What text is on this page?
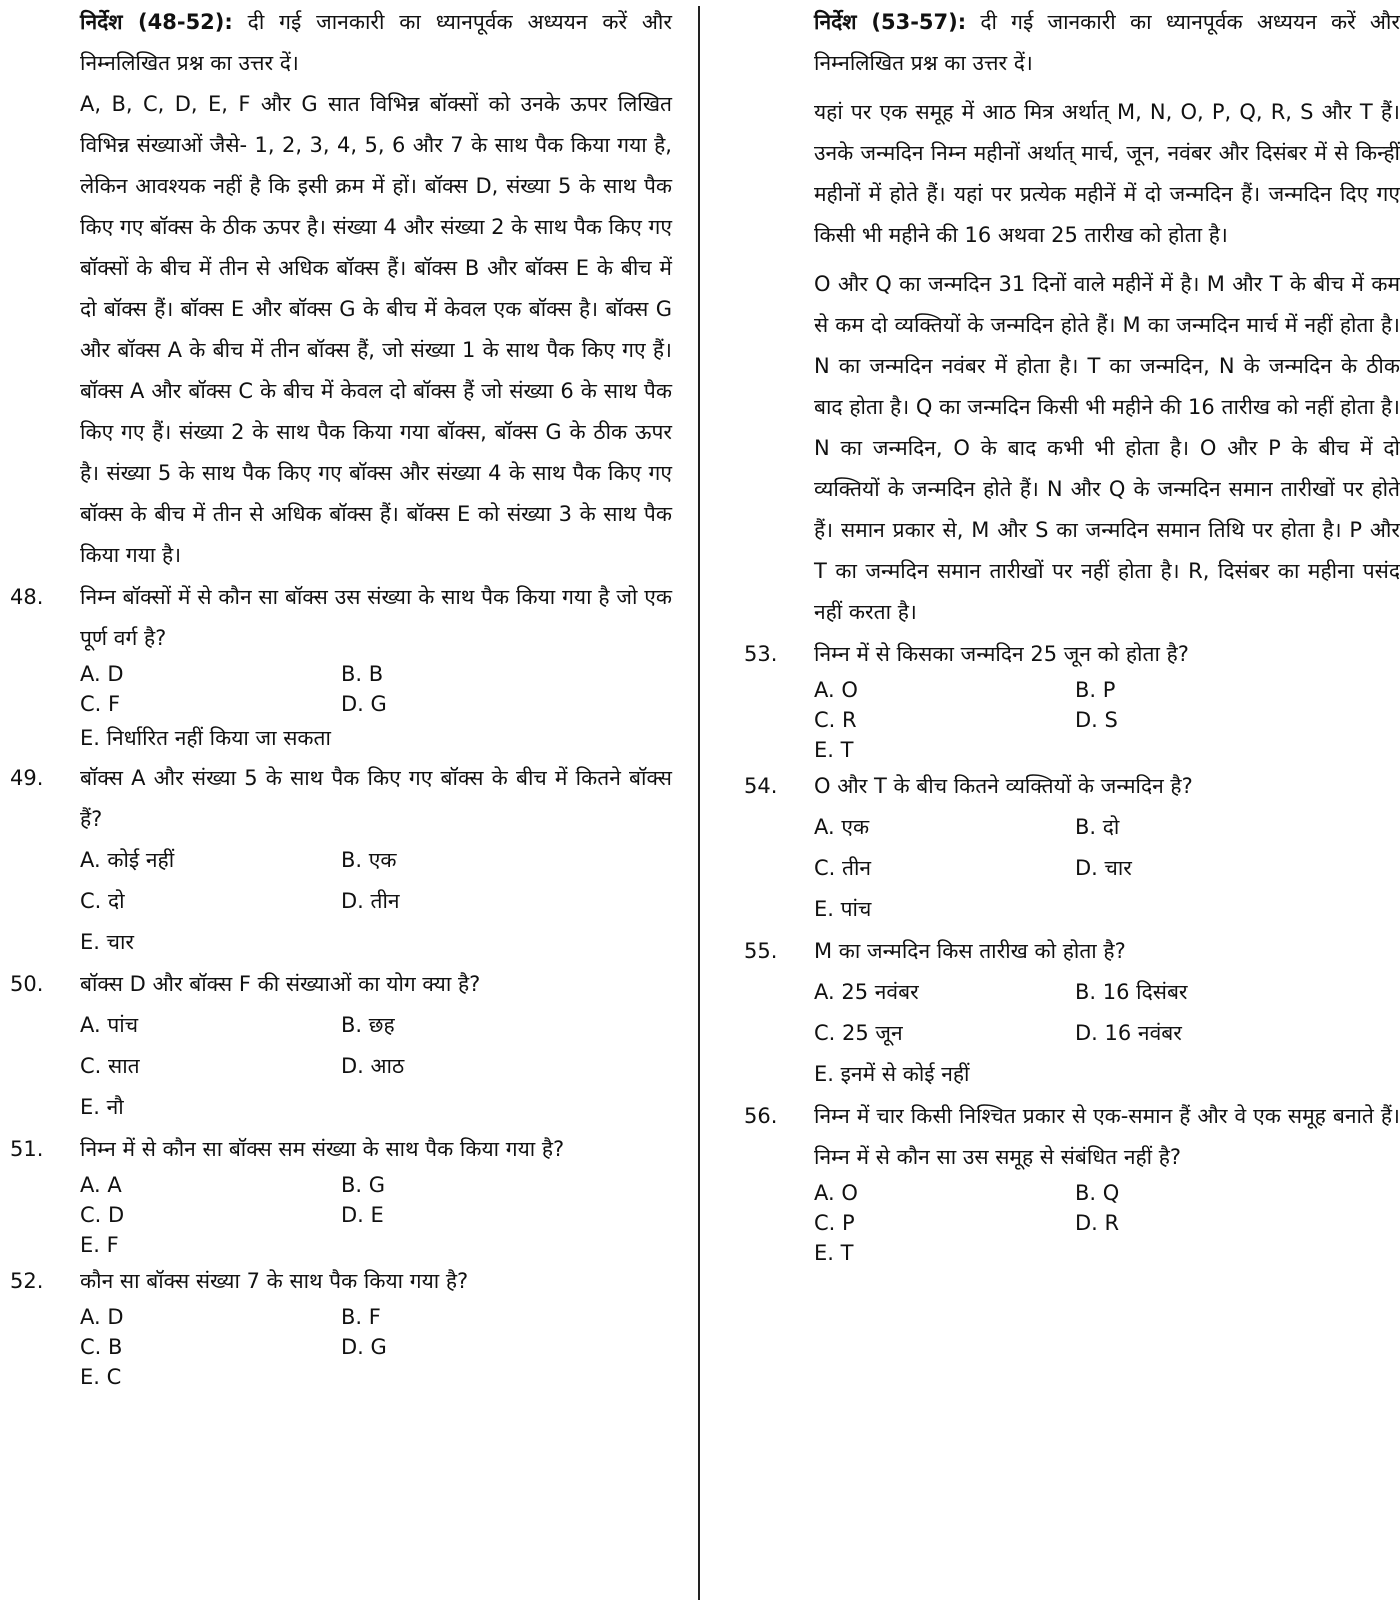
निर्देश (48-52): दी गई जानकारी का ध्यानपूर्वक अध्ययन करें और निम्नलिखित प्रश्न का उत्तर दें।

A, B, C, D, E, F और G सात विभिन्न बॉक्सों को उनके ऊपर लिखित विभिन्न संख्याओं जैसे- 1, 2, 3, 4, 5, 6 और 7 के साथ पैक किया गया है, लेकिन आवश्यक नहीं है कि इसी क्रम में हों। बॉक्स D, संख्या 5 के साथ पैक किए गए बॉक्स के ठीक ऊपर है। संख्या 4 और संख्या 2 के साथ पैक किए गए बॉक्सों के बीच में तीन से अधिक बॉक्स हैं। बॉक्स B और बॉक्स E के बीच में दो बॉक्स हैं। बॉक्स E और बॉक्स G के बीच में केवल एक बॉक्स है। बॉक्स G और बॉक्स A के बीच में तीन बॉक्स हैं, जो संख्या 1 के साथ पैक किए गए हैं। बॉक्स A और बॉक्स C के बीच में केवल दो बॉक्स हैं जो संख्या 6 के साथ पैक किए गए हैं। संख्या 2 के साथ पैक किया गया बॉक्स, बॉक्स G के ठीक ऊपर है। संख्या 5 के साथ पैक किए गए बॉक्स और संख्या 4 के साथ पैक किए गए बॉक्स के बीच में तीन से अधिक बॉक्स हैं। बॉक्स E को संख्या 3 के साथ पैक किया गया है।

48. निम्न बॉक्सों में से कौन सा बॉक्स उस संख्या के साथ पैक किया गया है जो एक पूर्ण वर्ग है?
A. D	B. B
C. F	D. G
E. निर्धारित नहीं किया जा सकता
49. बॉक्स A और संख्या 5 के साथ पैक किए गए बॉक्स के बीच में कितने बॉक्स हैं?
A. कोई नहीं	B. एक
C. दो	D. तीन
E. चार
50. बॉक्स D और बॉक्स F की संख्याओं का योग क्या है?
A. पांच	B. छह
C. सात	D. आठ
E. नौ
51. निम्न में से कौन सा बॉक्स सम संख्या के साथ पैक किया गया है?
A. A	B. G
C. D	D. E
E. F
52. कौन सा बॉक्स संख्या 7 के साथ पैक किया गया है?
A. D	B. F
C. B	D. G
E. C

निर्देश (53-57): दी गई जानकारी का ध्यानपूर्वक अध्ययन करें और निम्नलिखित प्रश्न का उत्तर दें।

यहां पर एक समूह में आठ मित्र अर्थात् M, N, O, P, Q, R, S और T हैं। उनके जन्मदिन निम्न महीनों अर्थात् मार्च, जून, नवंबर और दिसंबर में से किन्हीं महीनों में होते हैं। यहां पर प्रत्येक महीनें में दो जन्मदिन हैं। जन्मदिन दिए गए किसी भी महीने की 16 अथवा 25 तारीख को होता है।

O और Q का जन्मदिन 31 दिनों वाले महीनें में है। M और T के बीच में कम से कम दो व्यक्तियों के जन्मदिन होते हैं। M का जन्मदिन मार्च में नहीं होता है। N का जन्मदिन नवंबर में होता है। T का जन्मदिन, N के जन्मदिन के ठीक बाद होता है। Q का जन्मदिन किसी भी महीने की 16 तारीख को नहीं होता है। N का जन्मदिन, O के बाद कभी भी होता है। O और P के बीच में दो व्यक्तियों के जन्मदिन होते हैं। N और Q के जन्मदिन समान तारीखों पर होते हैं। समान प्रकार से, M और S का जन्मदिन समान तिथि पर होता है। P और T का जन्मदिन समान तारीखों पर नहीं होता है। R, दिसंबर का महीना पसंद नहीं करता है।

53. निम्न में से किसका जन्मदिन 25 जून को होता है?
A. O	B. P
C. R	D. S
E. T
54. O और T के बीच कितने व्यक्तियों के जन्मदिन है?
A. एक	B. दो
C. तीन	D. चार
E. पांच
55. M का जन्मदिन किस तारीख को होता है?
A. 25 नवंबर	B. 16 दिसंबर
C. 25 जून	D. 16 नवंबर
E. इनमें से कोई नहीं
56. निम्न में चार किसी निश्चित प्रकार से एक-समान हैं और वे एक समूह बनाते हैं। निम्न में से कौन सा उस समूह से संबंधित नहीं है?
A. O	B. Q
C. P	D. R
E. T
